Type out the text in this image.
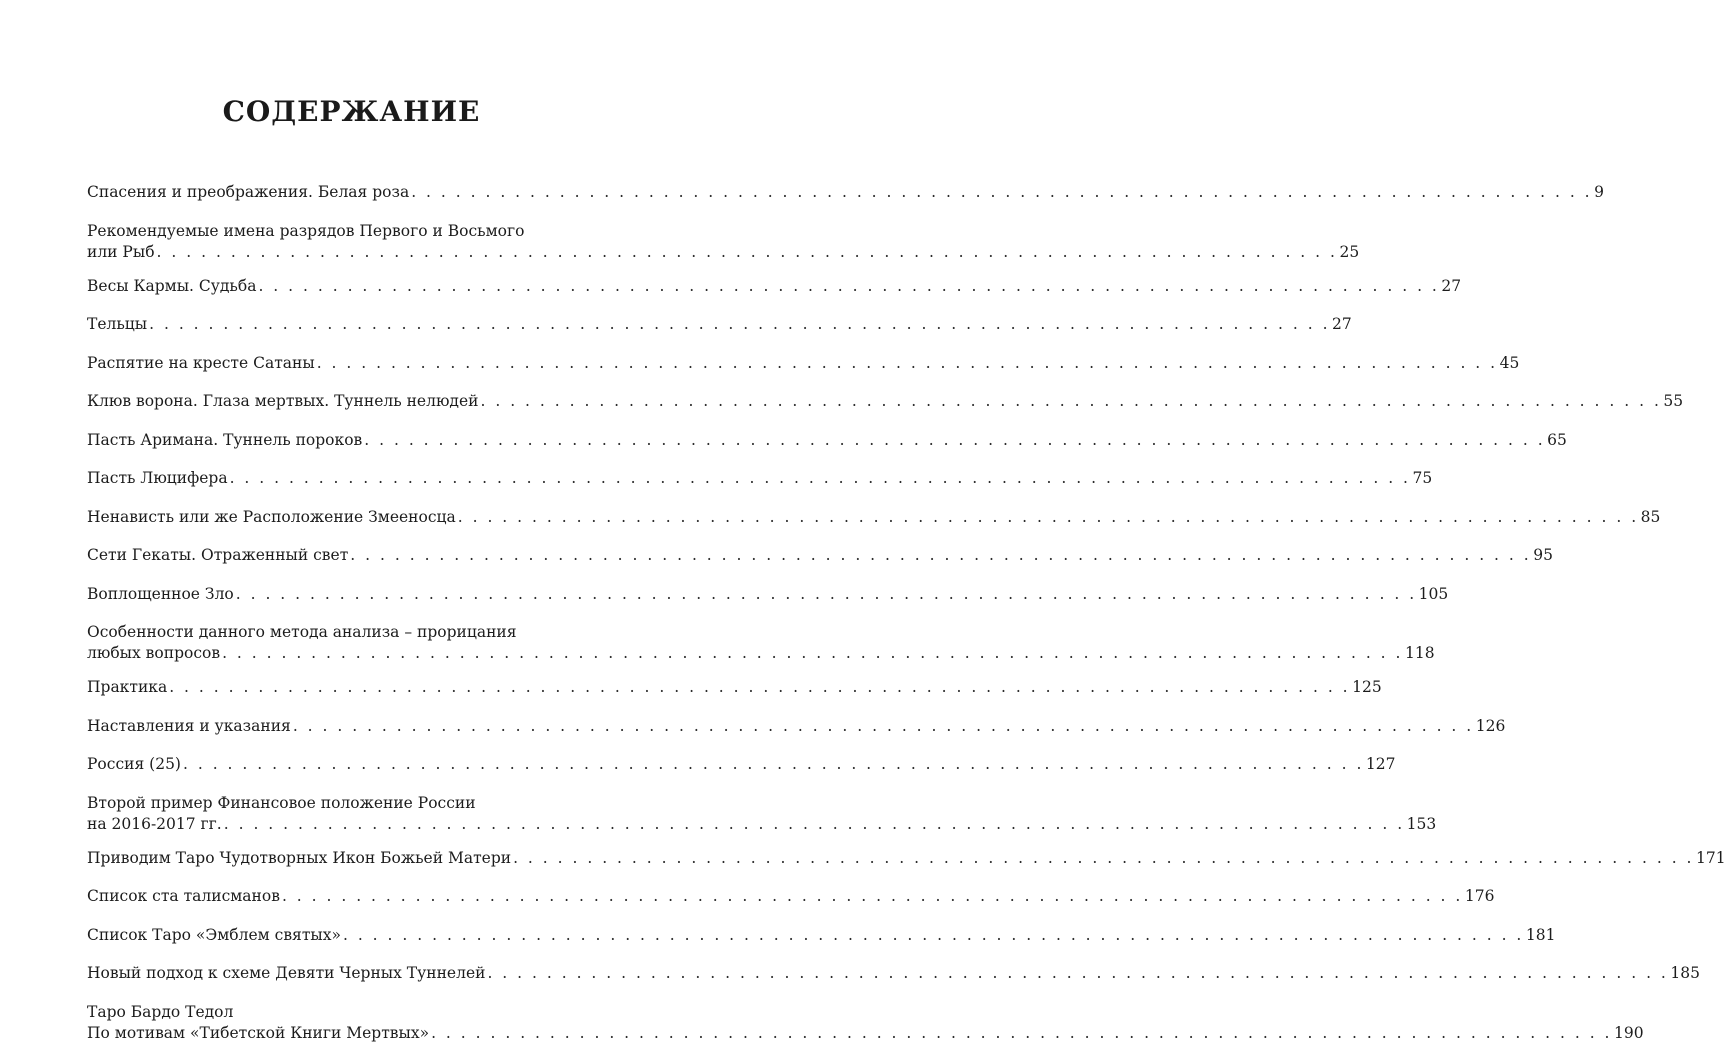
СОДЕРЖАНИЕ
Спасения и преображения. Белая роза . . . . . . . . . . . . . . . . . . . . . . . . . . . . . . . . . . . . . . . . . . . . . . . . . . . . . . . . . . . . . . . . . . . . . . . . . . . . . . . . 9
Рекомендуемые имена разрядов Первого и Восьмого
или Рыб . . . . . . . . . . . . . . . . . . . . . . . . . . . . . . . . . . . . . . . . . . . . . . . . . . . . . . . . . . . . . . . . . . . . . . . . . . . . . . . . 25
Весы Кармы. Судьба . . . . . . . . . . . . . . . . . . . . . . . . . . . . . . . . . . . . . . . . . . . . . . . . . . . . . . . . . . . . . . . . . . . . . . . . . . . . . . . . 27
Тельцы . . . . . . . . . . . . . . . . . . . . . . . . . . . . . . . . . . . . . . . . . . . . . . . . . . . . . . . . . . . . . . . . . . . . . . . . . . . . . . . . 27
Распятие на кресте Сатаны . . . . . . . . . . . . . . . . . . . . . . . . . . . . . . . . . . . . . . . . . . . . . . . . . . . . . . . . . . . . . . . . . . . . . . . . . . . . . . . . 45
Клюв ворона. Глаза мертвых. Туннель нелюдей . . . . . . . . . . . . . . . . . . . . . . . . . . . . . . . . . . . . . . . . . . . . . . . . . . . . . . . . . . . . . . . . . . . . . . . . . . . . . . . . 55
Пасть Аримана. Туннель пороков . . . . . . . . . . . . . . . . . . . . . . . . . . . . . . . . . . . . . . . . . . . . . . . . . . . . . . . . . . . . . . . . . . . . . . . . . . . . . . . . 65
Пасть Люцифера . . . . . . . . . . . . . . . . . . . . . . . . . . . . . . . . . . . . . . . . . . . . . . . . . . . . . . . . . . . . . . . . . . . . . . . . . . . . . . . . 75
Ненависть или же Расположение Змееносца . . . . . . . . . . . . . . . . . . . . . . . . . . . . . . . . . . . . . . . . . . . . . . . . . . . . . . . . . . . . . . . . . . . . . . . . . . . . . . . . 85
Сети Гекаты. Отраженный свет . . . . . . . . . . . . . . . . . . . . . . . . . . . . . . . . . . . . . . . . . . . . . . . . . . . . . . . . . . . . . . . . . . . . . . . . . . . . . . . . 95
Воплощенное Зло . . . . . . . . . . . . . . . . . . . . . . . . . . . . . . . . . . . . . . . . . . . . . . . . . . . . . . . . . . . . . . . . . . . . . . . . . . . . . . . . 105
Особенности данного метода анализа – прорицания
любых вопросов . . . . . . . . . . . . . . . . . . . . . . . . . . . . . . . . . . . . . . . . . . . . . . . . . . . . . . . . . . . . . . . . . . . . . . . . . . . . . . . . 118
Практика . . . . . . . . . . . . . . . . . . . . . . . . . . . . . . . . . . . . . . . . . . . . . . . . . . . . . . . . . . . . . . . . . . . . . . . . . . . . . . . . 125
Наставления и указания . . . . . . . . . . . . . . . . . . . . . . . . . . . . . . . . . . . . . . . . . . . . . . . . . . . . . . . . . . . . . . . . . . . . . . . . . . . . . . . . 126
Россия (25) . . . . . . . . . . . . . . . . . . . . . . . . . . . . . . . . . . . . . . . . . . . . . . . . . . . . . . . . . . . . . . . . . . . . . . . . . . . . . . . . 127
Второй пример Финансовое положение России
на 2016-2017 гг. . . . . . . . . . . . . . . . . . . . . . . . . . . . . . . . . . . . . . . . . . . . . . . . . . . . . . . . . . . . . . . . . . . . . . . . . . . . . . . . . 153
Приводим Таро Чудотворных Икон Божьей Матери . . . . . . . . . . . . . . . . . . . . . . . . . . . . . . . . . . . . . . . . . . . . . . . . . . . . . . . . . . . . . . . . . . . . . . . . . . . . . . . . 171
Список ста талисманов . . . . . . . . . . . . . . . . . . . . . . . . . . . . . . . . . . . . . . . . . . . . . . . . . . . . . . . . . . . . . . . . . . . . . . . . . . . . . . . . 176
Список Таро «Эмблем святых» . . . . . . . . . . . . . . . . . . . . . . . . . . . . . . . . . . . . . . . . . . . . . . . . . . . . . . . . . . . . . . . . . . . . . . . . . . . . . . . . 181
Новый подход к схеме Девяти Черных Туннелей . . . . . . . . . . . . . . . . . . . . . . . . . . . . . . . . . . . . . . . . . . . . . . . . . . . . . . . . . . . . . . . . . . . . . . . . . . . . . . . . 185
Таро Бардо Тедол
По мотивам «Тибетской Книги Мертвых» . . . . . . . . . . . . . . . . . . . . . . . . . . . . . . . . . . . . . . . . . . . . . . . . . . . . . . . . . . . . . . . . . . . . . . . . . . . . . . . . 190
